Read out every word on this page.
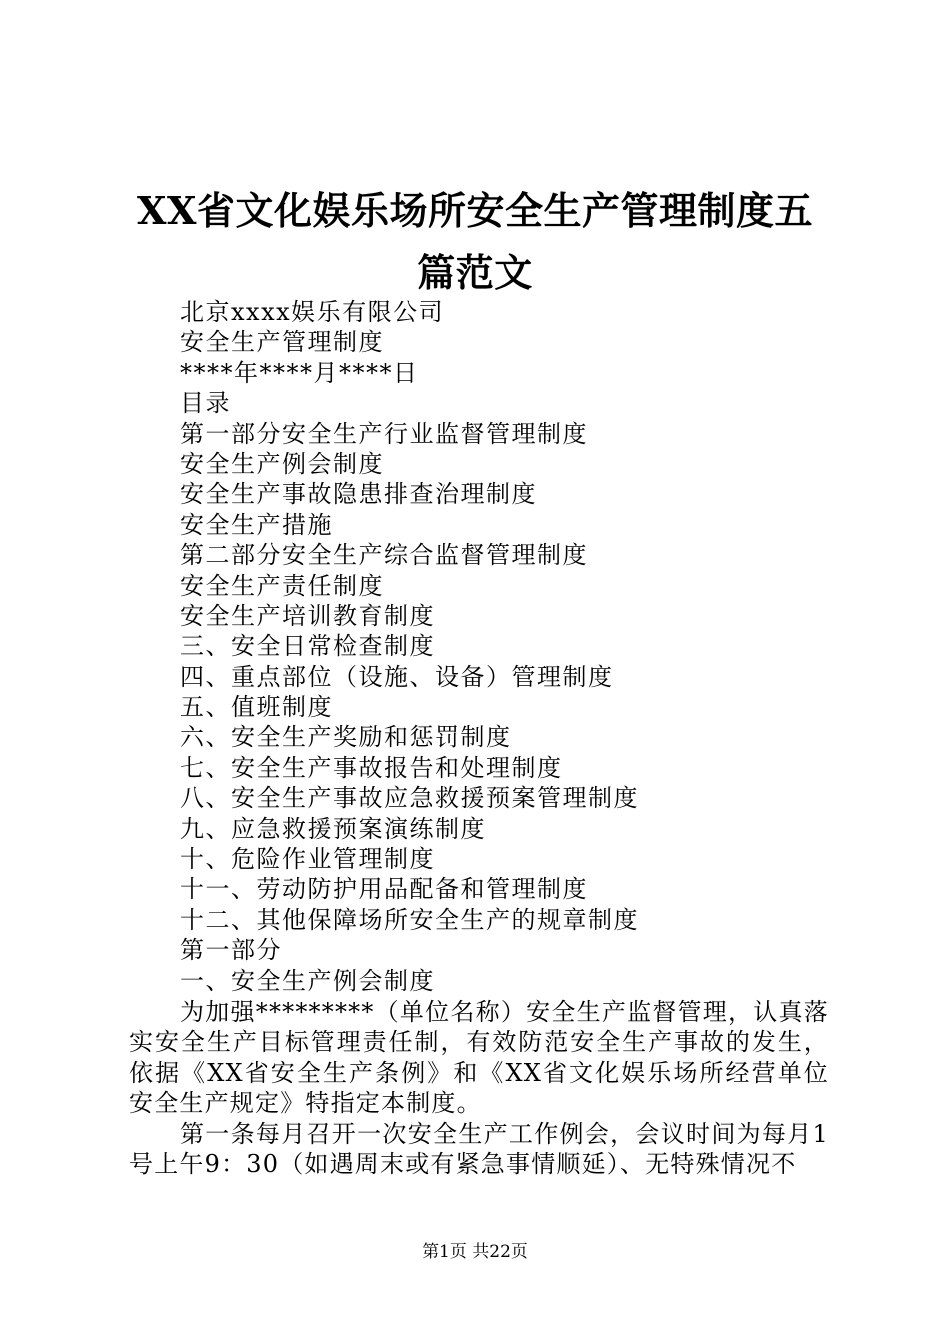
XX省文化娱乐场所安全生产管理制度五篇范文
北京xxxx娱乐有限公司
安全生产管理制度
****年****月****日
目录
第一部分安全生产行业监督管理制度
安全生产例会制度
安全生产事故隐患排查治理制度
安全生产措施
第二部分安全生产综合监督管理制度
安全生产责任制度
安全生产培训教育制度
三、安全日常检查制度
四、重点部位（设施、设备）管理制度
五、值班制度
六、安全生产奖励和惩罚制度
七、安全生产事故报告和处理制度
八、安全生产事故应急救援预案管理制度
九、应急救援预案演练制度
十、危险作业管理制度
十一、劳动防护用品配备和管理制度
十二、其他保障场所安全生产的规章制度
第一部分
一、安全生产例会制度

为加强*********（单位名称）安全生产监督管理，认真落实安全生产目标管理责任制，有效防范安全生产事故的发生，依据《XX省安全生产条例》和《XX省文化娱乐场所经营单位安全生产规定》特指定本制度。

第一条每月召开一次安全生产工作例会，会议时间为每月1号上午9：30（如遇周末或有紧急事情顺延）、无特殊情况不

第1页 共22页
